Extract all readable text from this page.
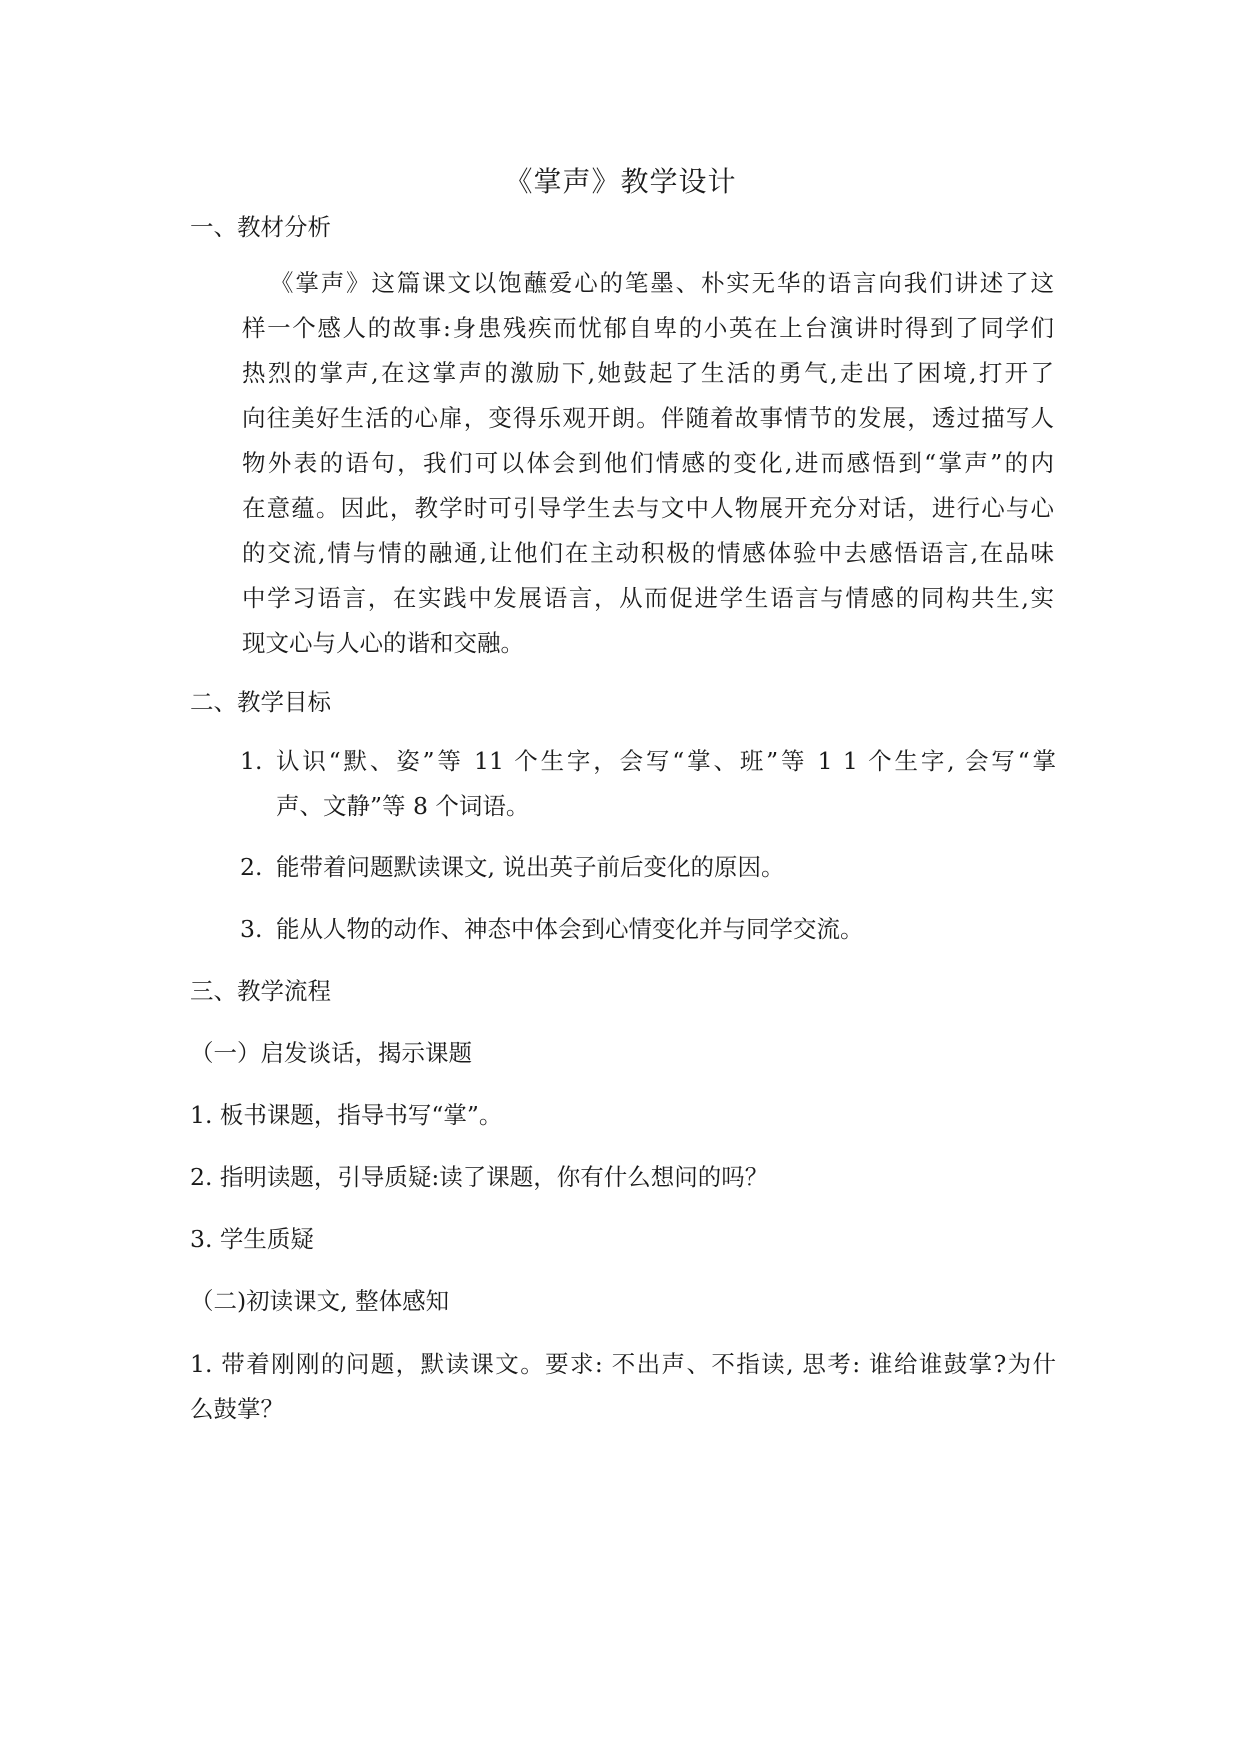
《掌声》教学设计
一、教材分析
《掌声》这篇课文以饱蘸爱心的笔墨、朴实无华的语言向我们讲述了这
样一个感人的故事:身患残疾而忧郁自卑的小英在上台演讲时得到了同学们
热烈的掌声,在这掌声的激励下,她鼓起了生活的勇气,走出了困境,打开了
向往美好生活的心扉，变得乐观开朗。伴随着故事情节的发展，透过描写人
物外表的语句，我们可以体会到他们情感的变化,进而感悟到“掌声”的内
在意蕴。因此，教学时可引导学生去与文中人物展开充分对话，进行心与心
的交流,情与情的融通,让他们在主动积极的情感体验中去感悟语言,在品味
中学习语言，在实践中发展语言，从而促进学生语言与情感的同构共生,实
现文心与人心的谐和交融。
二、教学目标
1. 认识“默、姿”等 11 个生字，会写“掌、班”等 1 1 个生字, 会写“掌
声、文静”等 8 个词语。
2. 能带着问题默读课文, 说出英子前后变化的原因。
3. 能从人物的动作、神态中体会到心情变化并与同学交流。
三、教学流程
（一）启发谈话，揭示课题
1. 板书课题，指导书写“掌”。
2. 指明读题，引导质疑:读了课题，你有什么想问的吗？
3. 学生质疑
（二)初读课文, 整体感知
1. 带着刚刚的问题，默读课文。要求: 不出声、不指读, 思考: 谁给谁鼓掌?为什
么鼓掌？
